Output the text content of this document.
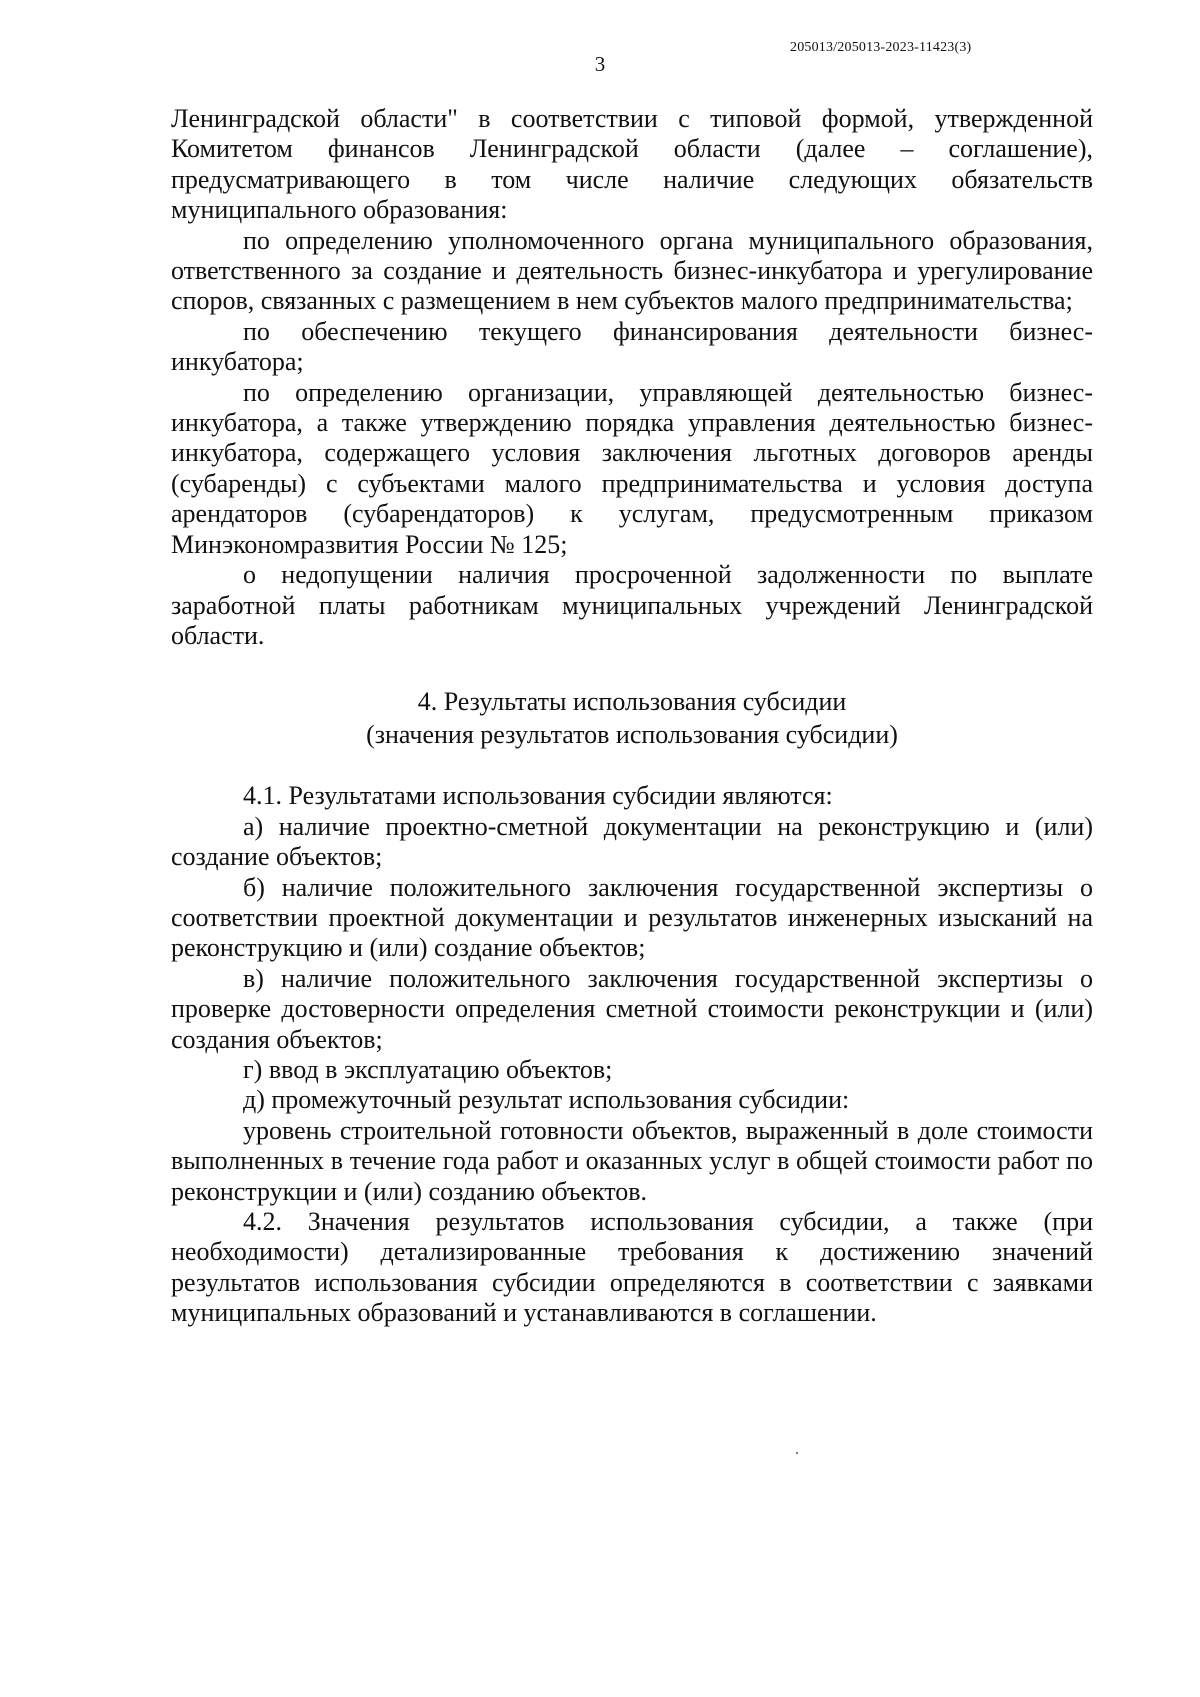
205013/205013-2023-11423(3)
3

Ленинградской области" в соответствии с типовой формой, утвержденной Комитетом финансов Ленинградской области (далее – соглашение), предусматривающего в том числе наличие следующих обязательств муниципального образования:

по определению уполномоченного органа муниципального образования, ответственного за создание и деятельность бизнес-инкубатора и урегулирование споров, связанных с размещением в нем субъектов малого предпринимательства;

по обеспечению текущего финансирования деятельности бизнес-инкубатора;

по определению организации, управляющей деятельностью бизнес-инкубатора, а также утверждению порядка управления деятельностью бизнес-инкубатора, содержащего условия заключения льготных договоров аренды (субаренды) с субъектами малого предпринимательства и условия доступа арендаторов (субарендаторов) к услугам, предусмотренным приказом Минэкономразвития России № 125;

о недопущении наличия просроченной задолженности по выплате заработной платы работникам муниципальных учреждений Ленинградской области.

4. Результаты использования субсидии
(значения результатов использования субсидии)

4.1. Результатами использования субсидии являются:

а) наличие проектно-сметной документации на реконструкцию и (или) создание объектов;

б) наличие положительного заключения государственной экспертизы о соответствии проектной документации и результатов инженерных изысканий на реконструкцию и (или) создание объектов;

в) наличие положительного заключения государственной экспертизы о проверке достоверности определения сметной стоимости реконструкции и (или) создания объектов;

г) ввод в эксплуатацию объектов;

д) промежуточный результат использования субсидии:

уровень строительной готовности объектов, выраженный в доле стоимости выполненных в течение года работ и оказанных услуг в общей стоимости работ по реконструкции и (или) созданию объектов.

4.2. Значения результатов использования субсидии, а также (при необходимости) детализированные требования к достижению значений результатов использования субсидии определяются в соответствии с заявками муниципальных образований и устанавливаются в соглашении.
